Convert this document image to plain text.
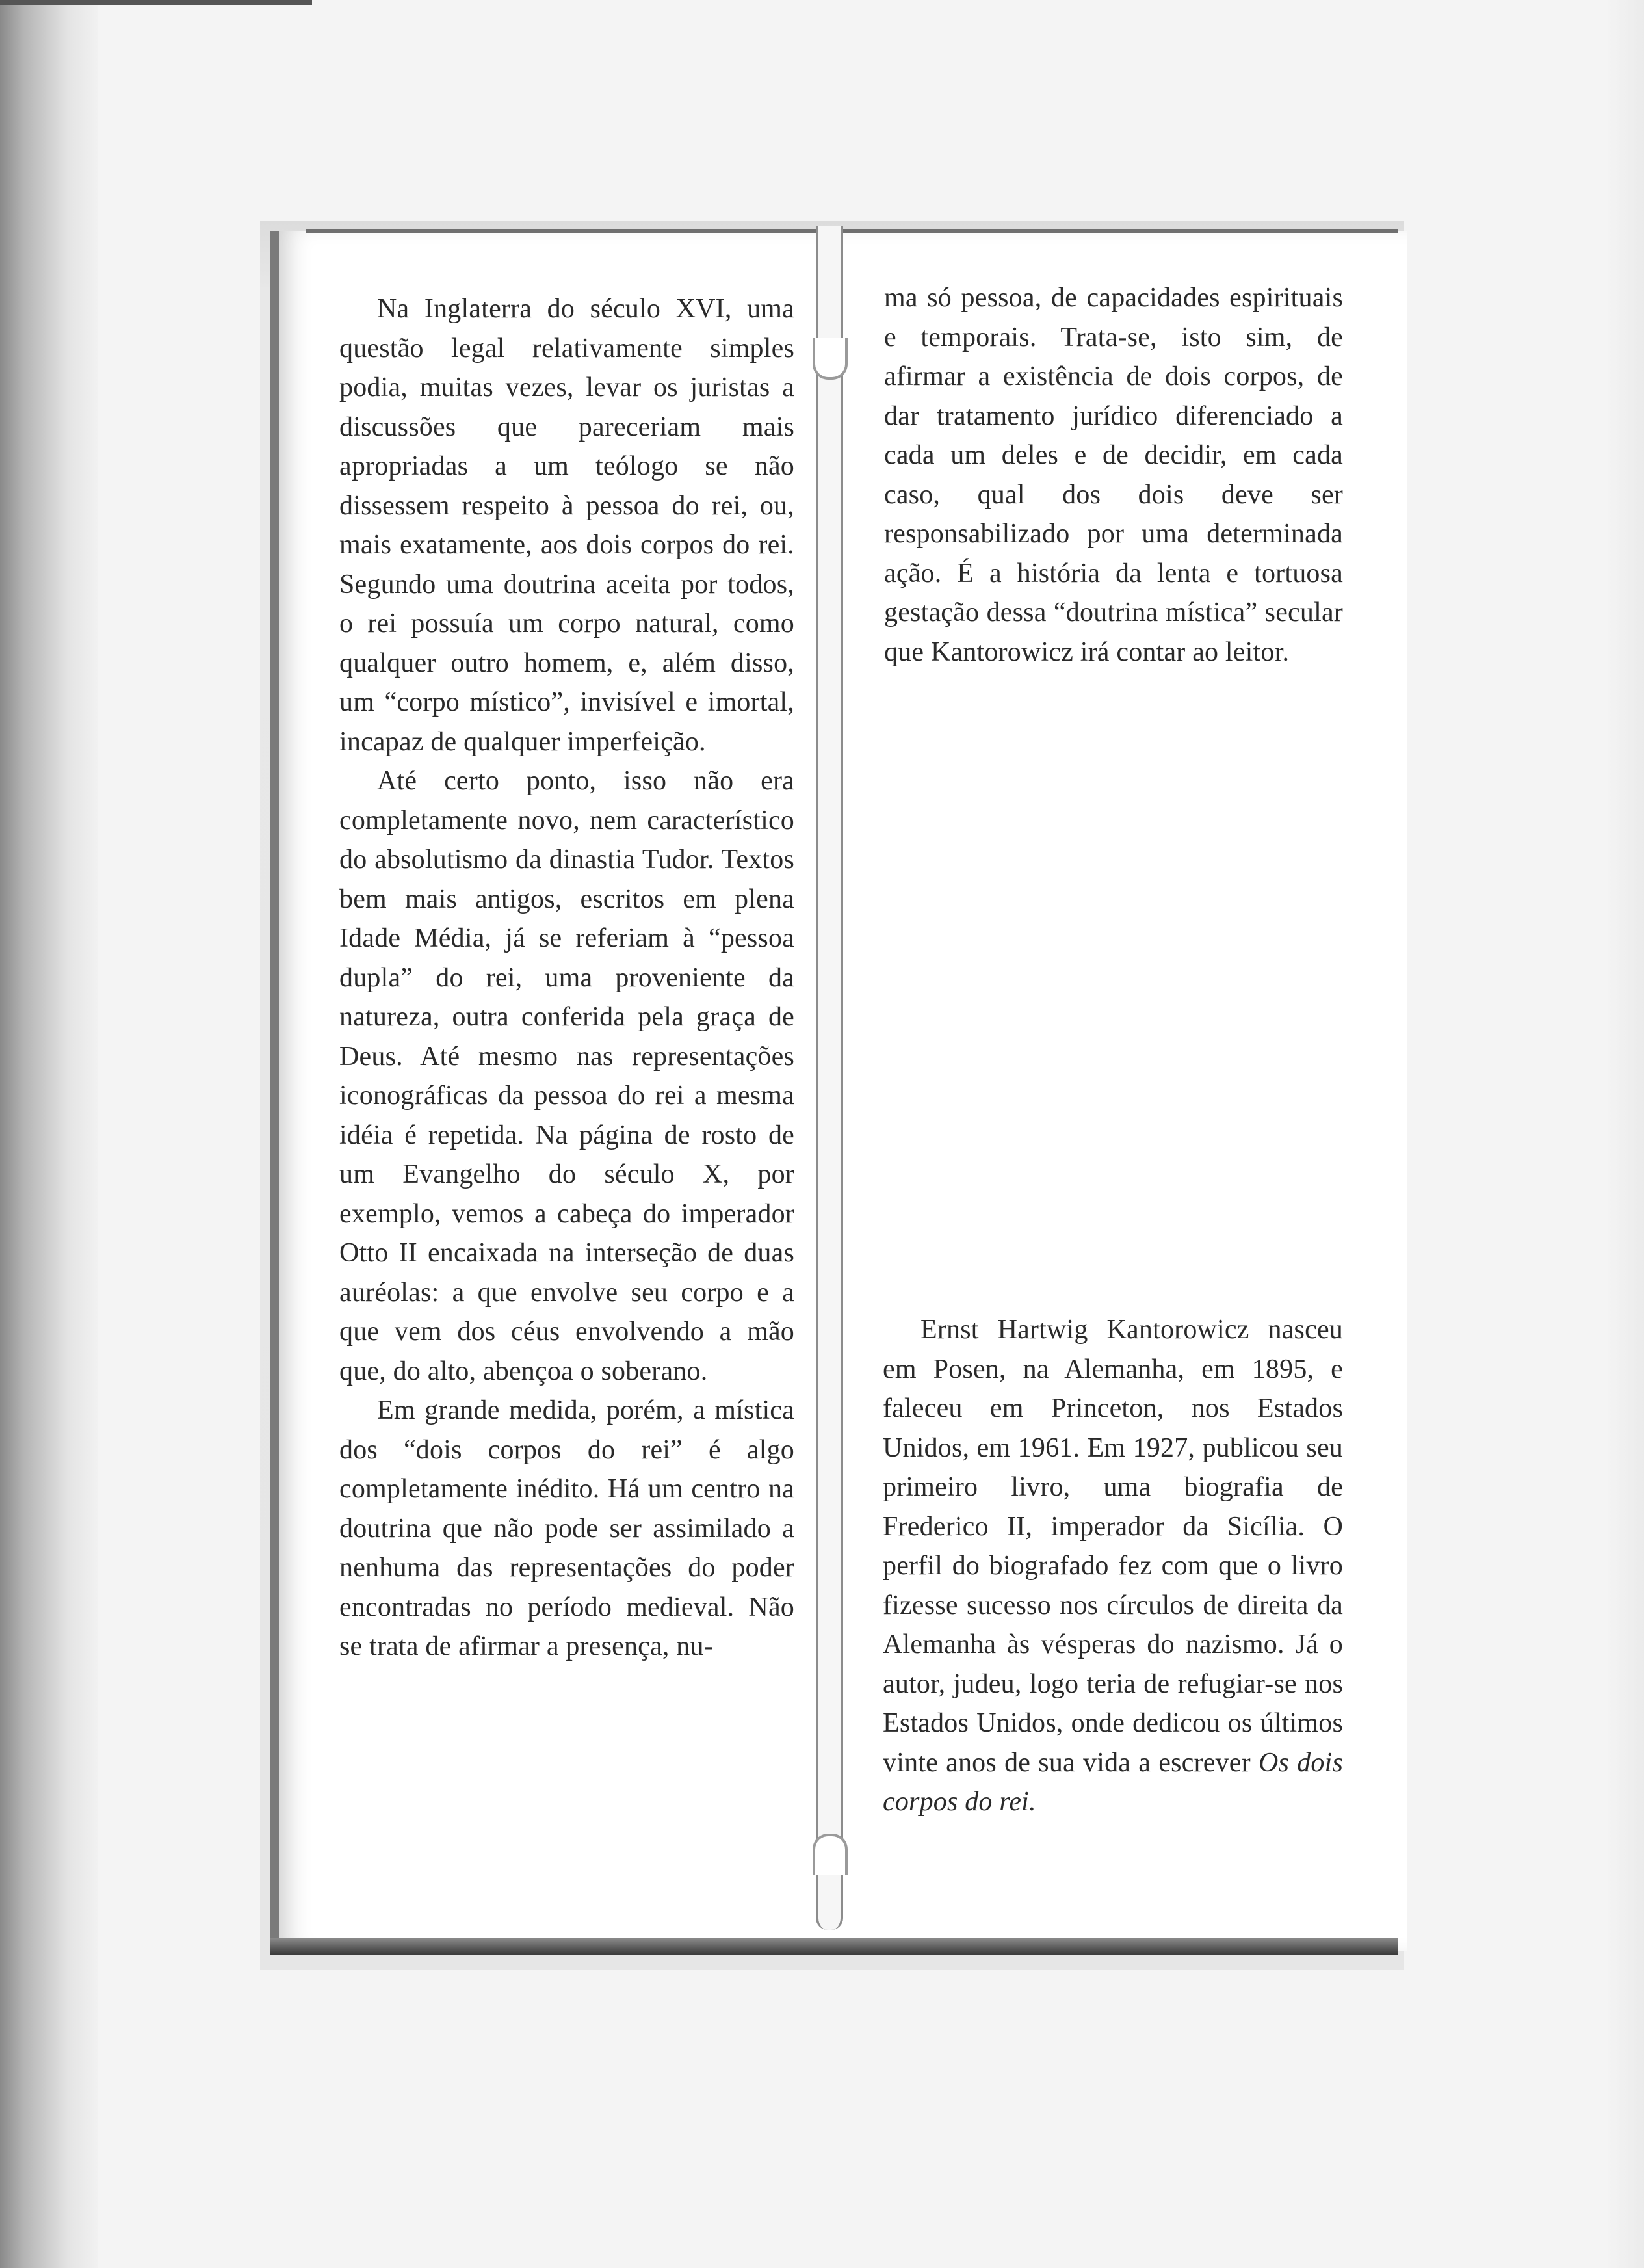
Na Inglaterra do século XVI, uma questão legal relativamente simples podia, muitas vezes, levar os juristas a discussões que pareceriam mais apropriadas a um teólogo se não dissessem respeito à pessoa do rei, ou, mais exatamente, aos dois corpos do rei. Segundo uma doutrina aceita por todos, o rei possuía um corpo natural, como qualquer outro homem, e, além disso, um “corpo místico”, invisível e imortal, incapaz de qualquer imperfeição.

Até certo ponto, isso não era completamente novo, nem característico do absolutismo da dinastia Tudor. Textos bem mais antigos, escritos em plena Idade Média, já se referiam à “pessoa dupla” do rei, uma proveniente da natureza, outra conferida pela graça de Deus. Até mesmo nas representações iconográficas da pessoa do rei a mesma idéia é repetida. Na página de rosto de um Evangelho do século X, por exemplo, vemos a cabeça do imperador Otto II encaixada na interseção de duas auréolas: a que envolve seu corpo e a que vem dos céus envolvendo a mão que, do alto, abençoa o soberano.

Em grande medida, porém, a mística dos “dois corpos do rei” é algo completamente inédito. Há um centro na doutrina que não pode ser assimilado a nenhuma das representações do poder encontradas no período medieval. Não se trata de afirmar a presença, nu-

ma só pessoa, de capacidades espirituais e temporais. Trata-se, isto sim, de afirmar a existência de dois corpos, de dar tratamento jurídico diferenciado a cada um deles e de decidir, em cada caso, qual dos dois deve ser responsabilizado por uma determinada ação. É a história da lenta e tortuosa gestação dessa “doutrina mística” secular que Kantorowicz irá contar ao leitor.

Ernst Hartwig Kantorowicz nasceu em Posen, na Alemanha, em 1895, e faleceu em Princeton, nos Estados Unidos, em 1961. Em 1927, publicou seu primeiro livro, uma biografia de Frederico II, imperador da Sicília. O perfil do biografado fez com que o livro fizesse sucesso nos círculos de direita da Alemanha às vésperas do nazismo. Já o autor, judeu, logo teria de refugiar-se nos Estados Unidos, onde dedicou os últimos vinte anos de sua vida a escrever Os dois corpos do rei.
